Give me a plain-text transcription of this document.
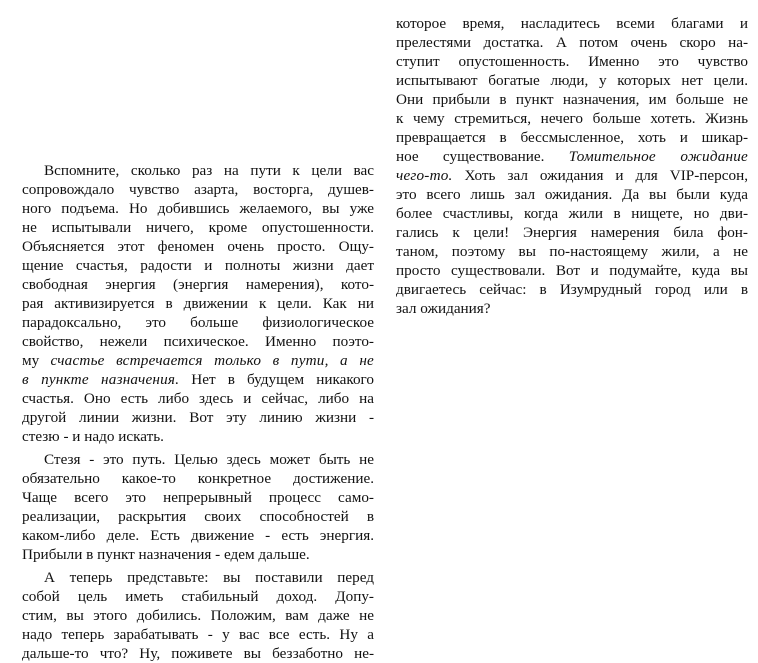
Вспомните, сколько раз на пути к цели вас
сопровождало чувство азарта, восторга, душев-
ного подъема. Но добившись желаемого, вы уже
не испытывали ничего, кроме опустошенности.
Объясняется этот феномен очень просто. Ощу-
щение счастья, радости и полноты жизни дает
свободная энергия (энергия намерения), кото-
рая активизируется в движении к цели. Как ни
парадоксально, это больше физиологическое
свойство, нежели психическое. Именно поэто-
му счастье встречается только в пути, а не
в пункте назначения. Нет в будущем никакого
счастья. Оно есть либо здесь и сейчас, либо на
другой линии жизни. Вот эту линию жизни -
стезю - и надо искать.
Стезя - это путь. Целью здесь может быть не
обязательно какое-то конкретное достижение.
Чаще всего это непрерывный процесс само-
реализации, раскрытия своих способностей в
каком-либо деле. Есть движение - есть энергия.
Прибыли в пункт назначения - едем дальше.
А теперь представьте: вы поставили перед
собой цель иметь стабильный доход. Допу-
стим, вы этого добились. Положим, вам даже не
надо теперь зарабатывать - у вас все есть. Ну а
дальше-то что? Ну, поживете вы беззаботно не-
которое время, насладитесь всеми благами и
прелестями достатка. А потом очень скоро на-
ступит опустошенность. Именно это чувство
испытывают богатые люди, у которых нет цели.
Они прибыли в пункт назначения, им больше не
к чему стремиться, нечего больше хотеть. Жизнь
превращается в бессмысленное, хоть и шикар-
ное существование. Томительное ожидание
чего-то. Хоть зал ожидания и для VIP-персон,
это всего лишь зал ожидания. Да вы были куда
более счастливы, когда жили в нищете, но дви-
гались к цели! Энергия намерения била фон-
таном, поэтому вы по-настоящему жили, а не
просто существовали. Вот и подумайте, куда вы
двигаетесь сейчас: в Изумрудный город или в
зал ожидания?
